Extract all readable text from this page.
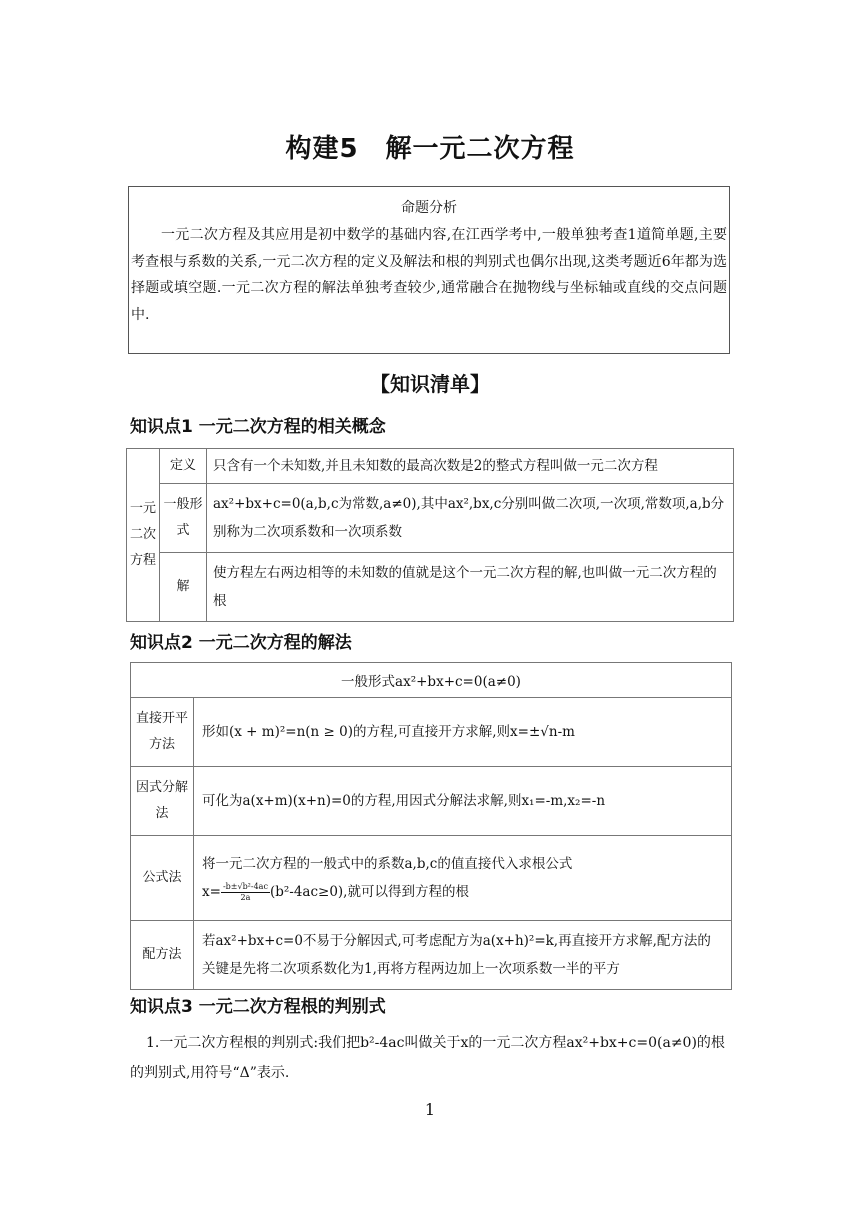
构建5　解一元二次方程
命题分析
一元二次方程及其应用是初中数学的基础内容,在江西学考中,一般单独考查1道简单题,主要考查根与系数的关系,一元二次方程的定义及解法和根的判别式也偶尔出现,这类考题近6年都为选择题或填空题.一元二次方程的解法单独考查较少,通常融合在抛物线与坐标轴或直线的交点问题中.
【知识清单】
知识点1 一元二次方程的相关概念
一元二次方程	定义	只含有一个未知数,并且未知数的最高次数是2的整式方程叫做一元二次方程
	一般形式	ax²+bx+c=0(a,b,c为常数,a≠0),其中ax²,bx,c分别叫做二次项,一次项,常数项,a,b分别称为二次项系数和一次项系数
	解	使方程左右两边相等的未知数的值就是这个一元二次方程的解,也叫做一元二次方程的根
知识点2 一元二次方程的解法
一般形式ax²+bx+c=0(a≠0)	
直接开平方法	形如(x + m)²=n(n ≥ 0)的方程,可直接开方求解,则x=±√n-m
因式分解法	可化为a(x+m)(x+n)=0的方程,用因式分解法求解,则x₁=-m,x₂=-n
公式法	将一元二次方程的一般式中的系数a,b,c的值直接代入求根公式
$x= \frac{\text{-b±√b²-4ac}}{2a} (b^2-4ac\ge 0)$,就可以得到方程的根

配方法	若ax²+bx+c=0不易于分解因式,可考虑配方为a(x+h)²=k,再直接开方求解,配方法的关键是先将二次项系数化为1,再将方程两边加上一次项系数一半的平方
知识点3 一元二次方程根的判别式
1.一元二次方程根的判别式:我们把b²-4ac叫做关于x的一元二次方程ax²+bx+c=0(a≠0)的根的判别式,用符号“Δ”表示.
1
